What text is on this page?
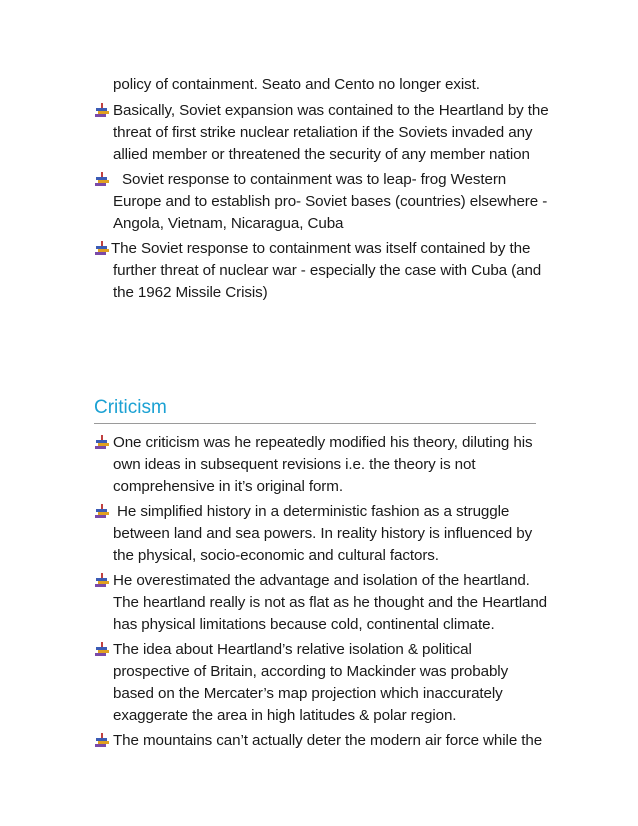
policy of containment. Seato and Cento no longer exist.
Basically, Soviet expansion was contained to the Heartland by the
threat of first strike nuclear retaliation if the Soviets invaded any
allied member or threatened the security of any member nation
Soviet response to containment was to leap- frog Western
Europe and to establish pro- Soviet bases (countries) elsewhere -
Angola, Vietnam, Nicaragua, Cuba
The Soviet response to containment was itself contained by the
further threat of nuclear war - especially the case with Cuba (and
the 1962 Missile Crisis)
Criticism
One criticism was he repeatedly modified his theory, diluting his
own ideas in subsequent revisions i.e. the theory is not
comprehensive in it’s original form.
He simplified history in a deterministic fashion as a struggle
between land and sea powers. In reality history is influenced by
the physical, socio-economic and cultural factors.
He overestimated the advantage and isolation of the heartland.
The heartland really is not as flat as he thought and the Heartland
has physical limitations because cold, continental climate.
The idea about Heartland’s relative isolation & political
prospective of Britain, according to Mackinder was probably
based on the Mercater’s map projection which inaccurately
exaggerate the area in high latitudes & polar region.
The mountains can’t actually deter the modern air force while the
